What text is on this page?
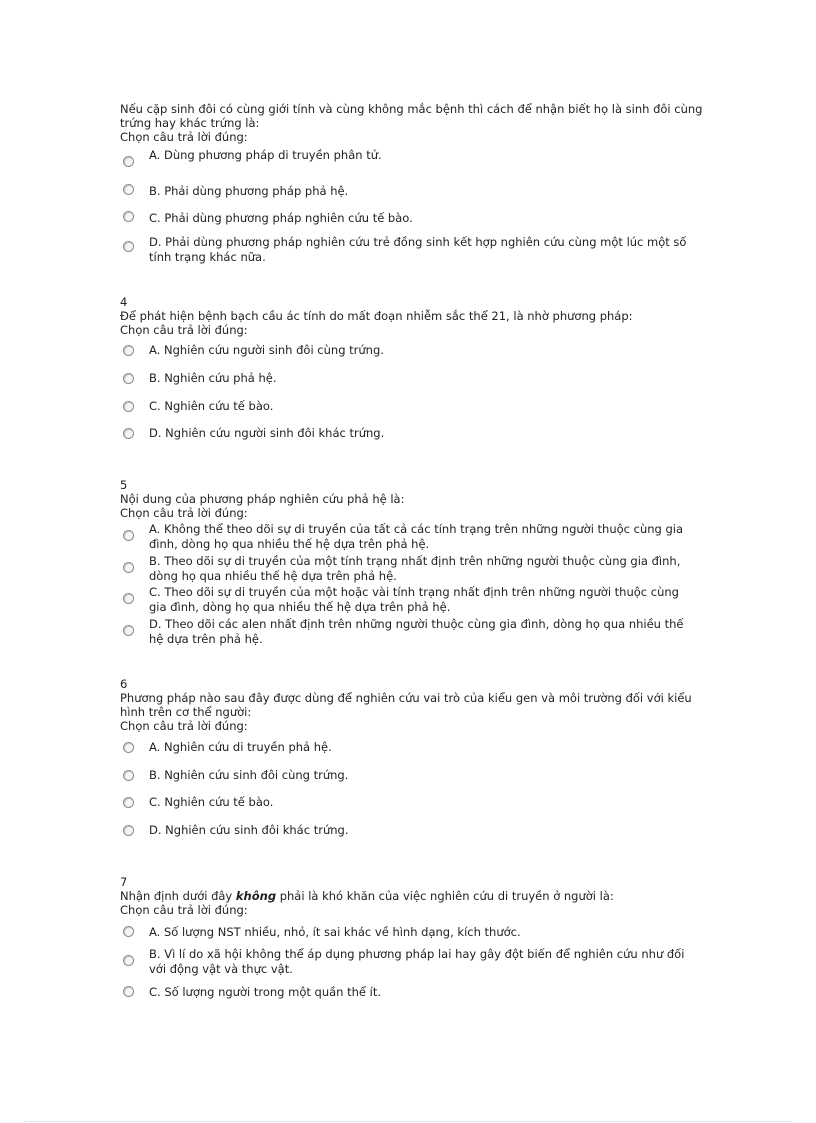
Nếu cặp sinh đôi có cùng giới tính và cùng không mắc bệnh thì cách để nhận biết họ là sinh đôi cùng trứng hay khác trứng là:
Chọn câu trả lời đúng:
A. Dùng phương pháp di truyền phân tử.
B. Phải dùng phương pháp phả hệ.
C. Phải dùng phương pháp nghiên cứu tế bào.
D. Phải dùng phương pháp nghiên cứu trẻ đồng sinh kết hợp nghiên cứu cùng một lúc một số tính trạng khác nữa.
4
Để phát hiện bệnh bạch cầu ác tính do mất đoạn nhiễm sắc thể 21, là nhờ phương pháp:
Chọn câu trả lời đúng:
A. Nghiên cứu người sinh đôi cùng trứng.
B. Nghiên cứu phả hệ.
C. Nghiên cứu tế bào.
D. Nghiên cứu người sinh đôi khác trứng.
5
Nội dung của phương pháp nghiên cứu phả hệ là:
Chọn câu trả lời đúng:
A. Không thể theo dõi sự di truyền của tất cả các tính trạng trên những người thuộc cùng gia đình, dòng họ qua nhiều thế hệ dựa trên phả hệ.
B. Theo dõi sự di truyền của một tính trạng nhất định trên những người thuộc cùng gia đình, dòng họ qua nhiều thế hệ dựa trên phả hệ.
C. Theo dõi sự di truyền của một hoặc vài tính trạng nhất định trên những người thuộc cùng gia đình, dòng họ qua nhiều thế hệ dựa trên phả hệ.
D. Theo dõi các alen nhất định trên những người thuộc cùng gia đình, dòng họ qua nhiều thế hệ dựa trên phả hệ.
6
Phương pháp nào sau đây được dùng để nghiên cứu vai trò của kiểu gen và môi trường đối với kiểu hình trên cơ thể người:
Chọn câu trả lời đúng:
A. Nghiên cứu di truyền phả hệ.
B. Nghiên cứu sinh đôi cùng trứng.
C. Nghiên cứu tế bào.
D. Nghiên cứu sinh đôi khác trứng.
7
Nhận định dưới đây không phải là khó khăn của việc nghiên cứu di truyền ở người là:
Chọn câu trả lời đúng:
A. Số lượng NST nhiều, nhỏ, ít sai khác về hình dạng, kích thước.
B. Vì lí do xã hội không thể áp dụng phương pháp lai hay gây đột biến để nghiên cứu như đối với động vật và thực vật.
C. Số lượng người trong một quần thể ít.
